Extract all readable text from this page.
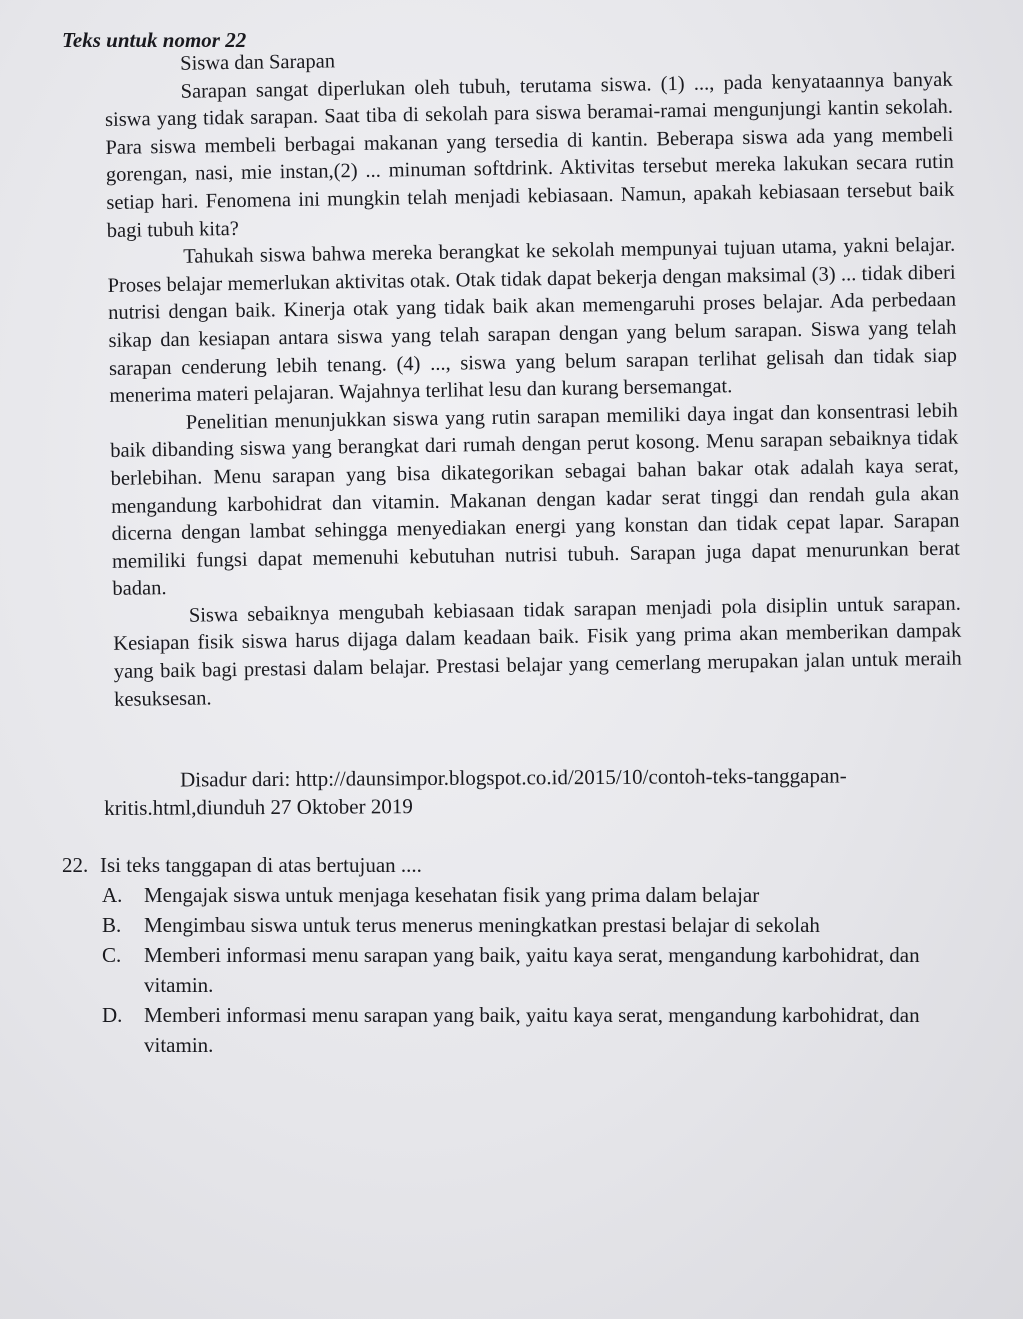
Teks untuk nomor 22
Siswa dan Sarapan

Sarapan sangat diperlukan oleh tubuh, terutama siswa. (1) ..., pada kenyataannya banyak siswa yang tidak sarapan. Saat tiba di sekolah para siswa beramai-ramai mengunjungi kantin sekolah. Para siswa membeli berbagai makanan yang tersedia di kantin. Beberapa siswa ada yang membeli gorengan, nasi, mie instan,(2) ... minuman softdrink. Aktivitas tersebut mereka lakukan secara rutin setiap hari. Fenomena ini mungkin telah menjadi kebiasaan. Namun, apakah kebiasaan tersebut baik bagi tubuh kita?

Tahukah siswa bahwa mereka berangkat ke sekolah mempunyai tujuan utama, yakni belajar. Proses belajar memerlukan aktivitas otak. Otak tidak dapat bekerja dengan maksimal (3) ... tidak diberi nutrisi dengan baik. Kinerja otak yang tidak baik akan memengaruhi proses belajar. Ada perbedaan sikap dan kesiapan antara siswa yang telah sarapan dengan yang belum sarapan. Siswa yang telah sarapan cenderung lebih tenang. (4) ..., siswa yang belum sarapan terlihat gelisah dan tidak siap menerima materi pelajaran. Wajahnya terlihat lesu dan kurang bersemangat.

Penelitian menunjukkan siswa yang rutin sarapan memiliki daya ingat dan konsentrasi lebih baik dibanding siswa yang berangkat dari rumah dengan perut kosong. Menu sarapan sebaiknya tidak berlebihan. Menu sarapan yang bisa dikategorikan sebagai bahan bakar otak adalah kaya serat, mengandung karbohidrat dan vitamin. Makanan dengan kadar serat tinggi dan rendah gula akan dicerna dengan lambat sehingga menyediakan energi yang konstan dan tidak cepat lapar. Sarapan memiliki fungsi dapat memenuhi kebutuhan nutrisi tubuh. Sarapan juga dapat menurunkan berat badan.

Siswa sebaiknya mengubah kebiasaan tidak sarapan menjadi pola disiplin untuk sarapan. Kesiapan fisik siswa harus dijaga dalam keadaan baik. Fisik yang prima akan memberikan dampak yang baik bagi prestasi dalam belajar. Prestasi belajar yang cemerlang merupakan jalan untuk meraih kesuksesan.

Disadur dari: http://daunsimpor.blogspot.co.id/2015/10/contoh-teks-tanggapan-kritis.html,diunduh 27 Oktober 2019

22. Isi teks tanggapan di atas bertujuan ....
A.	Mengajak siswa untuk menjaga kesehatan fisik yang prima dalam belajar
B.	Mengimbau siswa untuk terus menerus meningkatkan prestasi belajar di sekolah
C.	Memberi informasi menu sarapan yang baik, yaitu kaya serat, mengandung karbohidrat, dan vitamin.
D.	Memberi informasi menu sarapan yang baik, yaitu kaya serat, mengandung karbohidrat, dan vitamin.
